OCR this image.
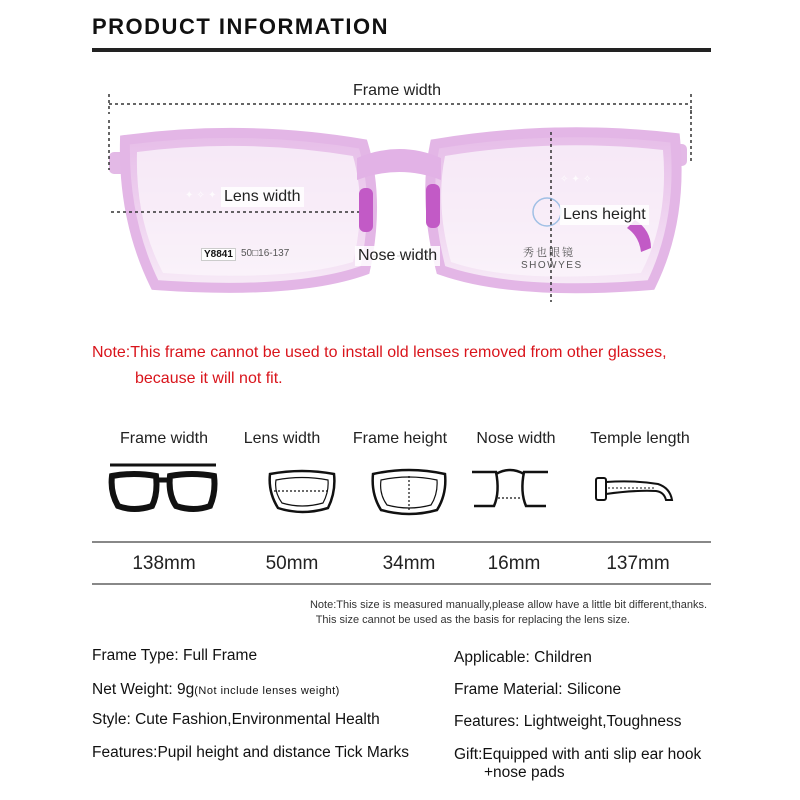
PRODUCT INFORMATION
✦ ✧ ✦
✧ ✦ ✧
Frame width
Lens width
Lens height
Nose width
Y8841 50□16-137	秀也眼镜
SHOWYES
Note:This frame cannot be used to install old lenses removed from other glasses,
because it will not fit.
Frame width	Lens width	Frame height	Nose width	Temple length
138mm	50mm	34mm	16mm	137mm
Note:This size is measured manually,please allow have a little bit different,thanks.
This size cannot be used as the basis for replacing the lens size.
Frame Type: Full Frame
Net Weight: 9g(Not include lenses weight)
Style: Cute Fashion,Environmental Health
Features:Pupil height and distance Tick Marks
Applicable: Children
Frame Material: Silicone
Features: Lightweight,Toughness
Gift:Equipped with anti slip ear hook
+nose pads
